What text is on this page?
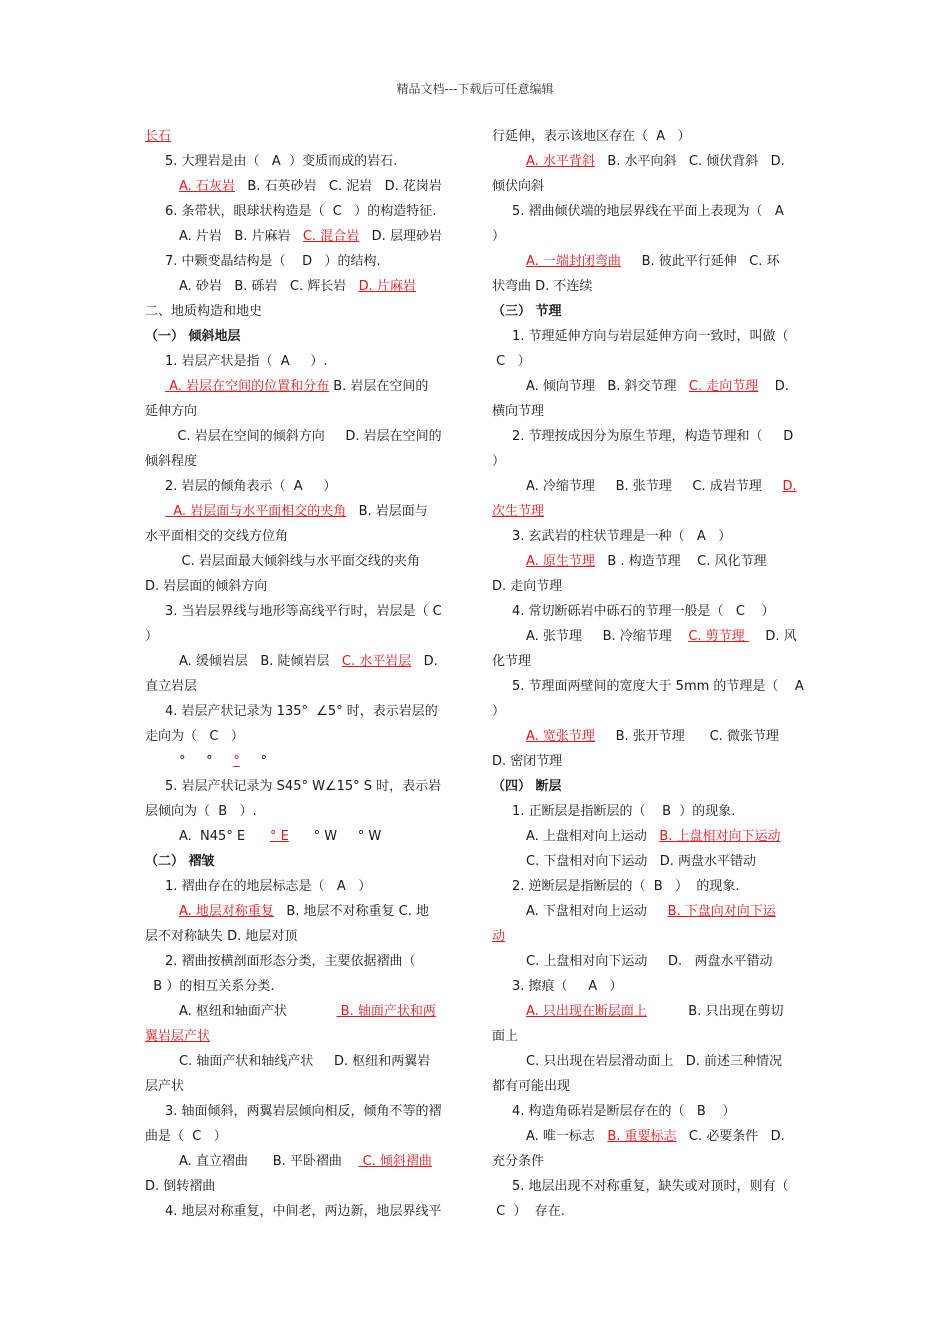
精品文档---下载后可任意编辑

长石

5. 大理岩是由（   A  ）变质而成的岩石.

A. 石灰岩   B. 石英砂岩   C. 泥岩   D. 花岗岩

6. 条带状，眼球状构造是（  C   ）的构造特征.

A. 片岩   B. 片麻岩   C. 混合岩   D. 层理砂岩

7. 中颗变晶结构是（    D   ）的结构.

A. 砂岩   B. 砾岩   C. 辉长岩   D. 片麻岩

二、地质构造和地史

（一） 倾斜地层

1. 岩层产状是指（  A     ）.

A. 岩层在空间的位置和分布 B. 岩层在空间的

延伸方向

C. 岩层在空间的倾斜方向     D. 岩层在空间的

倾斜程度

2. 岩层的倾角表示（  A     ）

A. 岩层面与水平面相交的夹角   B. 岩层面与

水平面相交的交线方位角

C. 岩层面最大倾斜线与水平面交线的夹角

D. 岩层面的倾斜方向

3. 当岩层界线与地形等高线平行时，岩层是（ C

）

A. 缓倾岩层   B. 陡倾岩层   C. 水平岩层   D.

直立岩层

4. 岩层产状记录为 135°  ∠5° 时，表示岩层的

走向为（   C   ）

°     °     °     °

5. 岩层产状记录为 S45° W∠15° S 时，表示岩

层倾向为（  B   ）.

A.  N45° E      ° E      ° W     ° W

（二） 褶皱

1. 褶曲存在的地层标志是（   A   ）

A. 地层对称重复   B. 地层不对称重复 C. 地

层不对称缺失 D. 地层对顶

2. 褶曲按横剖面形态分类，主要依据褶曲（

B ）的相互关系分类.

A. 枢纽和轴面产状             B. 轴面产状和两

翼岩层产状

C. 轴面产状和轴线产状     D. 枢纽和两翼岩

层产状

3. 轴面倾斜，两翼岩层倾向相反，倾角不等的褶

曲是（  C   ）

A. 直立褶曲      B. 平卧褶曲     C. 倾斜褶曲

D. 倒转褶曲

4. 地层对称重复，中间老，两边新，地层界线平

行延伸，表示该地区存在（  A   ）

A. 水平背斜   B. 水平向斜   C. 倾伏背斜   D.

倾伏向斜

5. 褶曲倾伏端的地层界线在平面上表现为（   A

）

A. 一端封闭弯曲     B. 彼此平行延伸   C. 环

状弯曲 D. 不连续

（三） 节理

1. 节理延伸方向与岩层延伸方向一致时，叫做（

C   ）

A. 倾向节理   B. 斜交节理   C. 走向节理    D.

横向节理

2. 节理按成因分为原生节理，构造节理和（     D

）

A. 冷缩节理     B. 张节理     C. 成岩节理     D.

次生节理

3. 玄武岩的柱状节理是一种（   A   ）

A. 原生节理   B . 构造节理    C. 风化节理

D. 走向节理

4. 常切断砾岩中砾石的节理一般是（   C    ）

A. 张节理     B. 冷缩节理    C. 剪节理     D. 风

化节理

5. 节理面两壁间的宽度大于 5mm 的节理是（    A

）

A. 宽张节理     B. 张开节理      C. 微张节理

D. 密闭节理

（四） 断层

1. 正断层是指断层的（    B  ）的现象.

A. 上盘相对向上运动   B. 上盘相对向下运动

C. 下盘相对向下运动   D. 两盘水平错动

2. 逆断层是指断层的（  B   ）  的现象.

A. 下盘相对向上运动     B. 下盘向对向下运

动

C. 上盘相对向下运动     D.   两盘水平错动

3. 擦痕（     A   ）

A. 只出现在断层面上          B. 只出现在剪切

面上

C. 只出现在岩层滑动面上   D. 前述三种情况

都有可能出现

4. 构造角砾岩是断层存在的（   B    ）

A. 唯一标志   B. 重要标志   C. 必要条件   D.

充分条件

5. 地层出现不对称重复，缺失或对顶时，则有（

C  ）  存在.
